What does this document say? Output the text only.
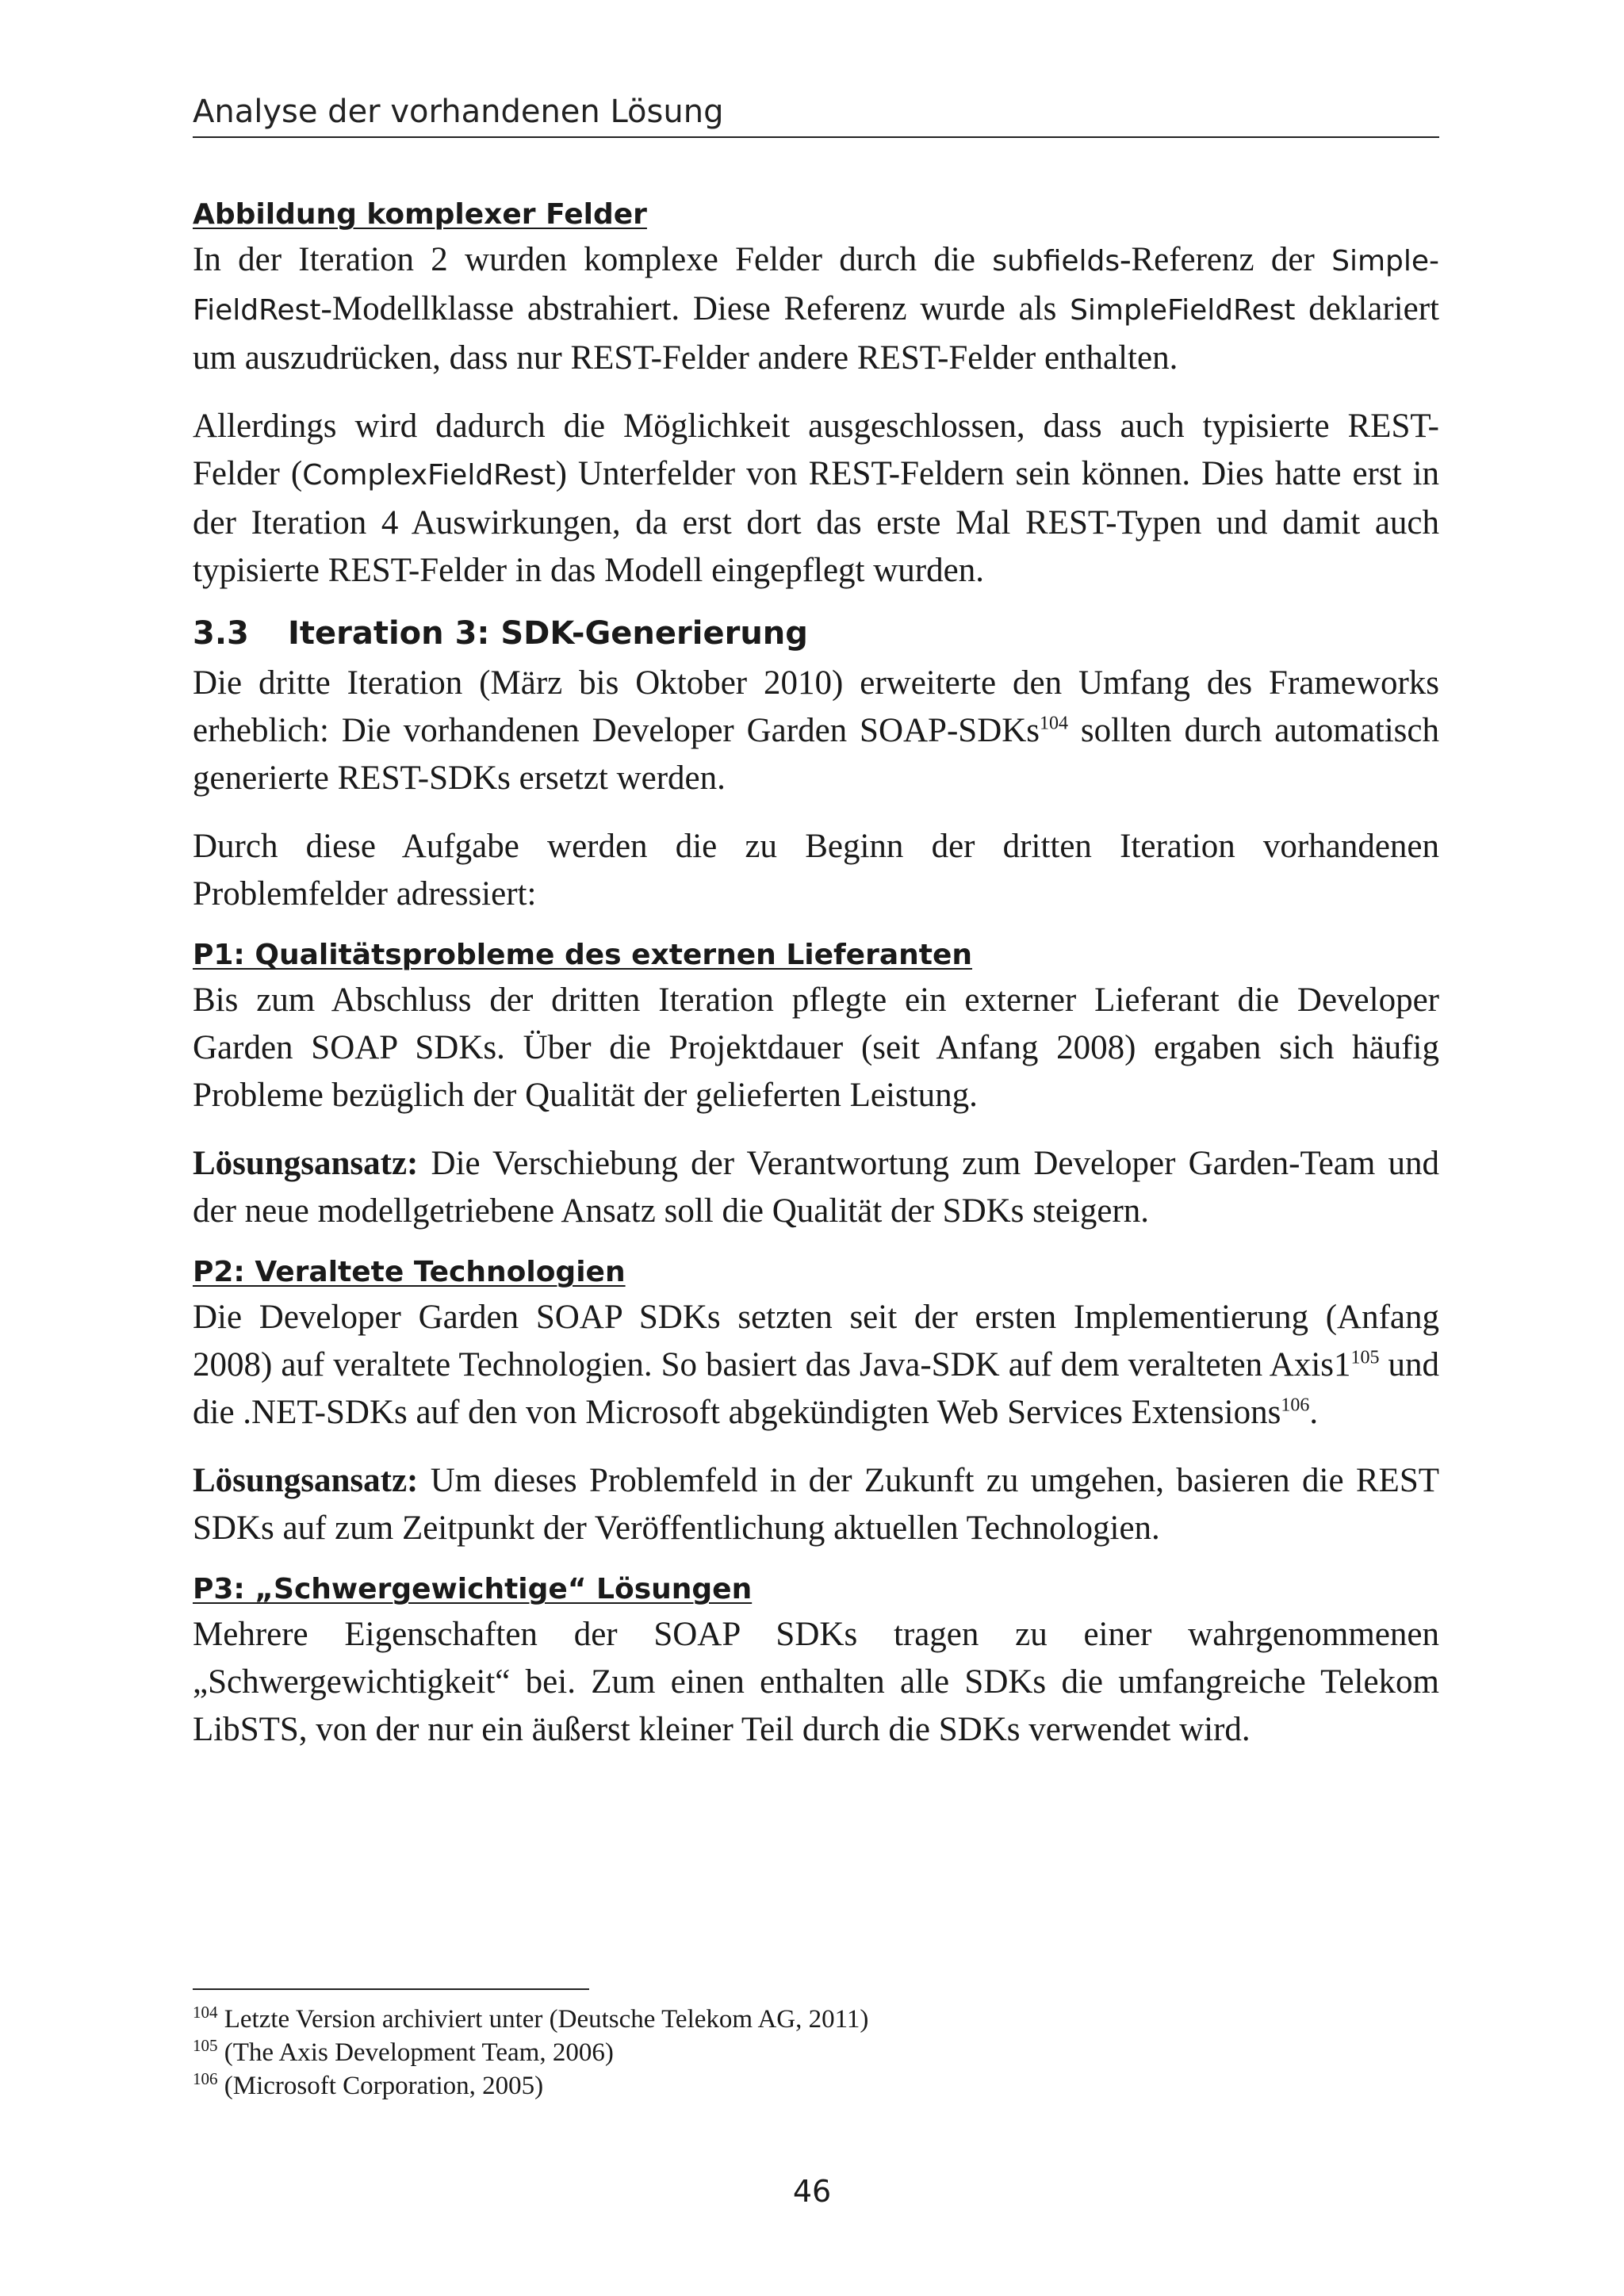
Analyse der vorhandenen Lösung
Abbildung komplexer Felder

In der Iteration 2 wurden komplexe Felder durch die subfields-Referenz der Simple-FieldRest-Modellklasse abstrahiert. Diese Referenz wurde als SimpleFieldRest deklariert um auszudrücken, dass nur REST-Felder andere REST-Felder enthalten.

Allerdings wird dadurch die Möglichkeit ausgeschlossen, dass auch typisierte REST-Felder (ComplexFieldRest) Unterfelder von REST-Feldern sein können. Dies hatte erst in der Iteration 4 Auswirkungen, da erst dort das erste Mal REST-Typen und damit auch typisierte REST-Felder in das Modell eingepflegt wurden.

3.3 Iteration 3: SDK-Generierung

Die dritte Iteration (März bis Oktober 2010) erweiterte den Umfang des Frameworks erheblich: Die vorhandenen Developer Garden SOAP-SDKs$^{104}$ sollten durch automatisch generierte REST-SDKs ersetzt werden.

Durch diese Aufgabe werden die zu Beginn der dritten Iteration vorhandenen Problemfelder adressiert:

P1: Qualitätsprobleme des externen Lieferanten

Bis zum Abschluss der dritten Iteration pflegte ein externer Lieferant die Developer Garden SOAP SDKs. Über die Projektdauer (seit Anfang 2008) ergaben sich häufig Probleme bezüglich der Qualität der gelieferten Leistung.

Lösungsansatz: Die Verschiebung der Verantwortung zum Developer Garden-Team und der neue modellgetriebene Ansatz soll die Qualität der SDKs steigern.

P2: Veraltete Technologien

Die Developer Garden SOAP SDKs setzten seit der ersten Implementierung (Anfang 2008) auf veraltete Technologien. So basiert das Java-SDK auf dem veralteten $Axis1^{105}$ und die .NET-SDKs auf den von Microsoft abgekündigten Web Services Extensions$^{106}$.

Lösungsansatz: Um dieses Problemfeld in der Zukunft zu umgehen, basieren die REST SDKs auf zum Zeitpunkt der Veröffentlichung aktuellen Technologien.

P3: „Schwergewichtige“ Lösungen

Mehrere Eigenschaften der SOAP SDKs tragen zu einer wahrgenommenen „Schwergewichtigkeit“ bei. Zum einen enthalten alle SDKs die umfangreiche Telekom LibSTS, von der nur ein äußerst kleiner Teil durch die SDKs verwendet wird.

$^{104}$ Letzte Version archiviert unter (Deutsche Telekom AG, 2011)
$^{105}$ (The Axis Development Team, 2006)
$^{106}$ (Microsoft Corporation, 2005)
46
